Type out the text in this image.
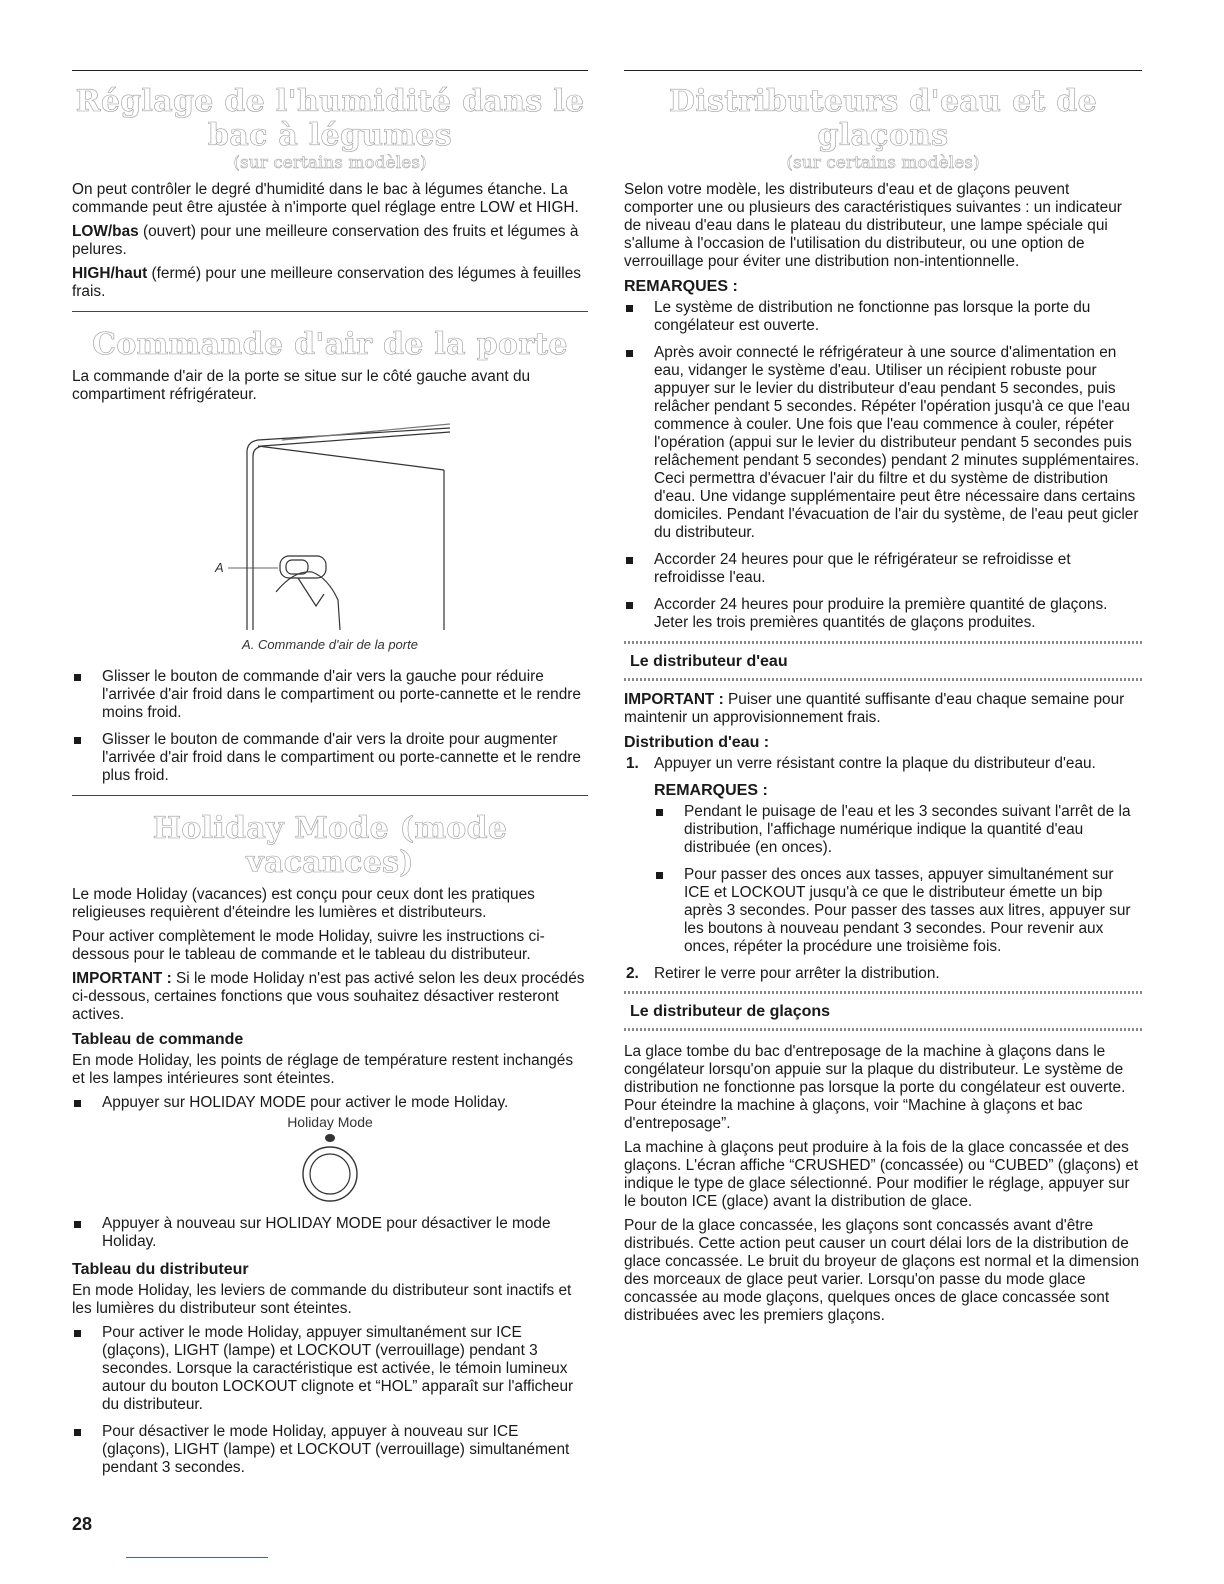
Réglage de l'humidité dans le bac à légumes
(sur certains modèles)

On peut contrôler le degré d'humidité dans le bac à légumes étanche. La commande peut être ajustée à n'importe quel réglage entre LOW et HIGH.

LOW/bas (ouvert) pour une meilleure conservation des fruits et légumes à pelures.

HIGH/haut (fermé) pour une meilleure conservation des légumes à feuilles frais.

Commande d'air de la porte

La commande d'air de la porte se situe sur le côté gauche avant du compartiment réfrigérateur.

A
A. Commande d'air de la porte
Glisser le bouton de commande d'air vers la gauche pour réduire l'arrivée d'air froid dans le compartiment ou porte-cannette et le rendre moins froid.
Glisser le bouton de commande d'air vers la droite pour augmenter l'arrivée d'air froid dans le compartiment ou porte-cannette et le rendre plus froid.
Holiday Mode (mode vacances)

Le mode Holiday (vacances) est conçu pour ceux dont les pratiques religieuses requièrent d'éteindre les lumières et distributeurs.

Pour activer complètement le mode Holiday, suivre les instructions ci-dessous pour le tableau de commande et le tableau du distributeur.

IMPORTANT : Si le mode Holiday n'est pas activé selon les deux procédés ci-dessous, certaines fonctions que vous souhaitez désactiver resteront actives.

Tableau de commande

En mode Holiday, les points de réglage de température restent inchangés et les lampes intérieures sont éteintes.

Appuyer sur HOLIDAY MODE pour activer le mode Holiday.
Holiday Mode
Appuyer à nouveau sur HOLIDAY MODE pour désactiver le mode Holiday.
Tableau du distributeur

En mode Holiday, les leviers de commande du distributeur sont inactifs et les lumières du distributeur sont éteintes.

Pour activer le mode Holiday, appuyer simultanément sur ICE (glaçons), LIGHT (lampe) et LOCKOUT (verrouillage) pendant 3 secondes. Lorsque la caractéristique est activée, le témoin lumineux autour du bouton LOCKOUT clignote et “HOL” apparaît sur l'afficheur du distributeur.
Pour désactiver le mode Holiday, appuyer à nouveau sur ICE (glaçons), LIGHT (lampe) et LOCKOUT (verrouillage) simultanément pendant 3 secondes.
Distributeurs d'eau et de glaçons
(sur certains modèles)

Selon votre modèle, les distributeurs d'eau et de glaçons peuvent comporter une ou plusieurs des caractéristiques suivantes : un indicateur de niveau d'eau dans le plateau du distributeur, une lampe spéciale qui s'allume à l'occasion de l'utilisation du distributeur, ou une option de verrouillage pour éviter une distribution non-intentionnelle.

REMARQUES :
Le système de distribution ne fonctionne pas lorsque la porte du congélateur est ouverte.
Après avoir connecté le réfrigérateur à une source d'alimentation en eau, vidanger le système d'eau. Utiliser un récipient robuste pour appuyer sur le levier du distributeur d'eau pendant 5 secondes, puis relâcher pendant 5 secondes. Répéter l'opération jusqu'à ce que l'eau commence à couler. Une fois que l'eau commence à couler, répéter l'opération (appui sur le levier du distributeur pendant 5 secondes puis relâchement pendant 5 secondes) pendant 2 minutes supplémentaires. Ceci permettra d'évacuer l'air du filtre et du système de distribution d'eau. Une vidange supplémentaire peut être nécessaire dans certains domiciles. Pendant l'évacuation de l'air du système, de l'eau peut gicler du distributeur.
Accorder 24 heures pour que le réfrigérateur se refroidisse et refroidisse l'eau.
Accorder 24 heures pour produire la première quantité de glaçons. Jeter les trois premières quantités de glaçons produites.
Le distributeur d'eau

IMPORTANT : Puiser une quantité suffisante d'eau chaque semaine pour maintenir un approvisionnement frais.

Distribution d'eau :
1. Appuyer un verre résistant contre la plaque du distributeur d'eau.
REMARQUES :
Pendant le puisage de l'eau et les 3 secondes suivant l'arrêt de la distribution, l'affichage numérique indique la quantité d'eau distribuée (en onces).
Pour passer des onces aux tasses, appuyer simultanément sur ICE et LOCKOUT jusqu'à ce que le distributeur émette un bip après 3 secondes. Pour passer des tasses aux litres, appuyer sur les boutons à nouveau pendant 3 secondes. Pour revenir aux onces, répéter la procédure une troisième fois.
2. Retirer le verre pour arrêter la distribution.
Le distributeur de glaçons

La glace tombe du bac d'entreposage de la machine à glaçons dans le congélateur lorsqu'on appuie sur la plaque du distributeur. Le système de distribution ne fonctionne pas lorsque la porte du congélateur est ouverte. Pour éteindre la machine à glaçons, voir “Machine à glaçons et bac d'entreposage”.

La machine à glaçons peut produire à la fois de la glace concassée et des glaçons. L'écran affiche “CRUSHED” (concassée) ou “CUBED” (glaçons) et indique le type de glace sélectionné. Pour modifier le réglage, appuyer sur le bouton ICE (glace) avant la distribution de glace.

Pour de la glace concassée, les glaçons sont concassés avant d'être distribués. Cette action peut causer un court délai lors de la distribution de glace concassée. Le bruit du broyeur de glaçons est normal et la dimension des morceaux de glace peut varier. Lorsqu'on passe du mode glace concassée au mode glaçons, quelques onces de glace concassée sont distribuées avec les premiers glaçons.

28
